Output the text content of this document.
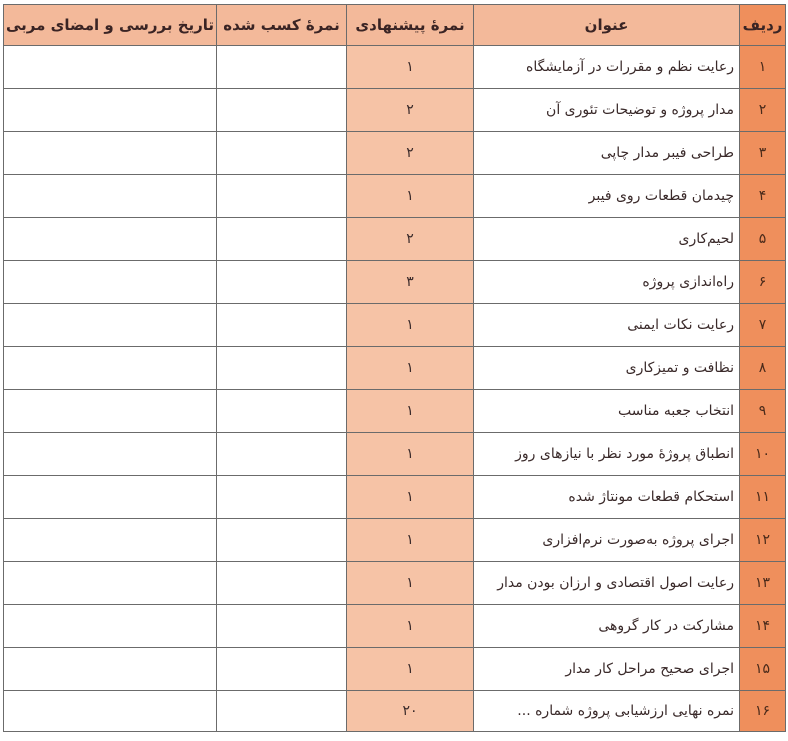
ردیف	عنوان	نمرهٔ پیشنهادی	نمرهٔ کسب شده	تاریخ بررسی و امضای مربی
۱	رعایت نظم و مقررات در آزمایشگاه	۱		
۲	مدار پروژه و توضیحات تئوری آن	۲		
۳	طراحی فیبر مدار چاپی	۲		
۴	چیدمان قطعات روی فیبر	۱		
۵	لحیم‌کاری	۲		
۶	راه‌اندازی پروژه	۳		
۷	رعایت نکات ایمنی	۱		
۸	نظافت و تمیزکاری	۱		
۹	انتخاب جعبه مناسب	۱		
۱۰	انطباق پروژهٔ مورد نظر با نیازهای روز	۱		
۱۱	استحکام قطعات مونتاژ شده	۱		
۱۲	اجرای پروژه به‌صورت نرم‌افزاری	۱		
۱۳	رعایت اصول اقتصادی و ارزان بودن مدار	۱		
۱۴	مشارکت در کار گروهی	۱		
۱۵	اجرای صحیح مراحل کار مدار	۱		
۱۶	نمره نهایی ارزشیابی پروژه شماره ...	۲۰		
